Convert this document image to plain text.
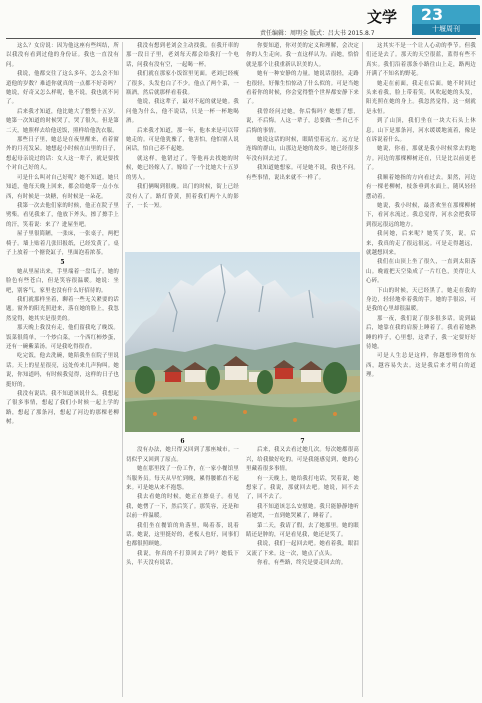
文学
责任编辑：周明全 版式：吕大书 2015.8.7
23
十堰周刊

这么？女房说：因为他这座有些纠结，所以我没有看到过他的身份证。我也一直没有问。

我说，他都交往了这么多年，怎么会不知道他的岁数？难道你就真的一点都不好奇吗？她说，好奇又怎么样呢，他不说，我也就不问了。

后来我才知道，他比她大了整整十五岁。她第一次知道的时候哭了，哭了很久。但是第二天，她照样去给他送饭，照样给他洗衣服。

那些日子里，她总是在夜里醒来，看着窗外的月亮发呆。她想起小时候在山里的日子，想起母亲说过的话：女人这一辈子，就是要找个对自己好的人。

可是什么叫对自己好呢？她不知道。她只知道，他每天晚上回来，都会给她带一点小东西，有时候是一块糖，有时候是一朵花。

我第一次去他们家的时候，他正在院子里劈柴。看见我来了，他放下斧头，擦了擦手上的汗，笑着说：来了？进屋坐吧。

屋子里很简陋，一张床，一张桌子，两把椅子。墙上贴着几张旧报纸，已经发黄了。桌子上放着一个搪瓷缸子，里面泡着浓茶。

5

她从里屋出来，手里端着一盘瓜子。她的脸色有些苍白，但是笑容很温暖。她说：坐吧，别客气，家里也没有什么好招待的。

我们就那样坐着，聊着一些无关紧要的话题。窗外的阳光照进来，落在她的脸上，我忽然觉得，她其实是很美的。

那天晚上我没有走，他们留我吃了晚饭。饭菜很简单，一个炒白菜，一个西红柿炒蛋，还有一碗紫菜汤。可是我吃得很香。

吃完饭，他去洗碗，她陪我坐在院子里说话。天上的星星很亮，远处传来几声狗叫。她说，你知道吗，有时候我觉得，这样的日子也挺好的。

我没有说话。我不知道该说什么。我想起了很多事情，想起了我们小时候一起上学的路，想起了那条河，想起了河边的那棵老柳树。

我没有想到老刘会主动找我。在我开車的那一段日子里，老刘每天都会给我打一个电话，问我有没有空，一起喝一杯。

我们就在那家小饭馆里见面。老刘已经瘦了很多，头发也白了不少。他点了两个菜，一瓶酒，然后就那样看着我。

他说，我这辈子，最对不起的就是她。我问他为什么，他不说话，只是一杯一杯地喝酒。

后来我才知道，那一年，他本来是可以带她走的。可是他犹豫了，他害怕，他怕别人说闲话，怕自己养不起她。

就这样，他错过了。等他再去找她的时候，她已经嫁人了。嫁给了一个比她大十五岁的男人。

我们俩喝到很晚。出门的时候，街上已经没有人了。路灯昏黄，照着我们两个人的影子，一长一短。

你要知道，你对美的定义和理解，会决定你的人生走向。我一直这样认为。而她，恰恰就是那个让我重新认识美的人。

她有一种安静的力量。她说话很轻，走路也很轻，好像生怕惊动了什么似的。可是当她看着你的时候，你会觉得整个世界都安静下来了。

我曾经问过她，你后悔吗？她想了想，说，不后悔。人这一辈子，总要做一些自己不后悔的事情。

她说这话的时候，眼睛望着远方。远方是连绵的群山，山那边是她的故乡。她已经很多年没有回去过了。

我知道她想家。可是她不说，我也不问。有些事情，说出来就不一样了。

6

没有办法，她只得又回到了那座城市。一切似乎又回到了原点。

她在那里找了一份工作，在一家小餐馆里当服务员。每天从早忙到晚，累得腰都直不起来。可是她从来不抱怨。

我去看她的时候，她正在擦桌子。看见我，她愣了一下，然后笑了。那笑容，还是和以前一样温暖。

我们坐在餐馆的角落里，喝着茶，说着话。她说，这里挺好的，老板人也好，同事们也都很照顾她。

我说，你真的不打算回去了吗？她低下头，半天没有说话。

7

后来，我又去看过她几次。每次她都很高兴，给我做好吃的。可是我能感觉到，她的心里藏着很多事情。

有一天晚上，她给我打电话，哭着说，她想家了。我说，那就回去吧。她说，回不去了，回不去了。

我不知道该怎么安慰她。我只能静静地听着她哭，一直到她哭累了，睡着了。

第二天，我请了假，去了她那里。她的眼睛还是肿的，可是看见我，她还是笑了。

我说，我们一起回去吧。她看着我，眼泪又流了下来。这一次，她点了点头。

你看，有些路，终究是要走回去的。

这其实不是一个让人心动的季节。但我们还是去了。那天的天空很蓝，蓝得有些不真实。我们沿着那条小路往山上走，路两边开满了不知名的野花。

她走在前面，我走在后面。她不时回过头来看我，脸上带着笑。风吹起她的头发，阳光照在她的身上。我忽然觉得，这一刻就是永恒。

到了山顶，我们坐在一块大石头上休息。山下是那条河，河水缓缓地流着，像是在诉说着什么。

她说，你看，那就是我小时候常去的地方。河边的那棵柳树还在，只是比以前更老了。

我顺着她指的方向看过去。果然，河边有一棵老柳树，枝条垂到水面上，随风轻轻摆动着。

她说，我小时候，最喜欢坐在那棵柳树下，看河水流过。我总觉得，河水会把我带到很远很远的地方。

我问她，后来呢？她笑了笑，说，后来，我真的走了很远很远。可是走得越远，就越想回来。

我们在山顶上坐了很久，一直到太阳落山。晚霞把天空染成了一片红色，美得让人心碎。

下山的时候，天已经黑了。她走在我的身边，轻轻地牵着我的手。她的手很凉，可是我的心里却很温暖。

那一夜，我们说了很多很多话。说到最后，她靠在我的肩膀上睡着了。我看着她熟睡的样子，心里想，这辈子，我一定要好好待她。

可是人生总是这样，你越想珍惜的东西，越容易失去。这是我后来才明白的道理。
